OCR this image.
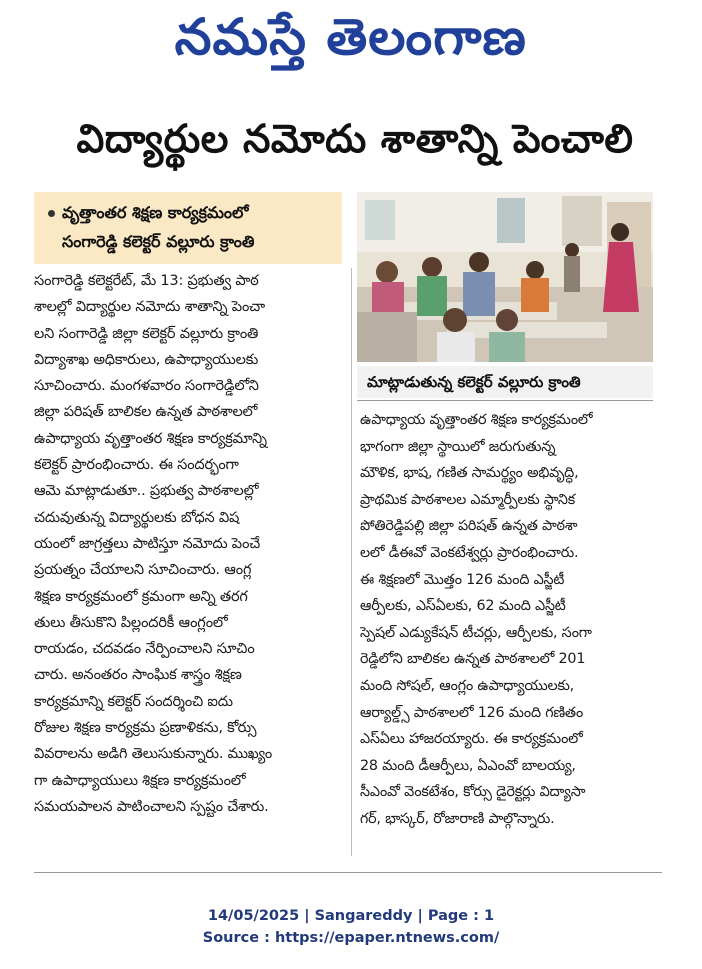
నమస్తే తెలంగాణ
విద్యార్థుల నమోదు శాతాన్ని పెంచాలి
వృత్తాంతర శిక్షణ కార్యక్రమంలో
సంగారెడ్డి కలెక్టర్ వల్లూరు క్రాంతి
సంగారెడ్డి కలెక్టరేట్, మే 13: ప్రభుత్వ పాఠ
శాలల్లో విద్యార్థుల నమోదు శాతాన్ని పెంచా
లని సంగారెడ్డి జిల్లా కలెక్టర్ వల్లూరు క్రాంతి
విద్యాశాఖ అధికారులు, ఉపాధ్యాయులకు
సూచించారు. మంగళవారం సంగారెడ్డిలోని
జిల్లా పరిషత్ బాలికల ఉన్నత పాఠశాలలో
ఉపాధ్యాయ వృత్తాంతర శిక్షణ కార్యక్రమాన్ని
కలెక్టర్ ప్రారంభించారు. ఈ సందర్భంగా
ఆమె మాట్లాడుతూ.. ప్రభుత్వ పాఠశాలల్లో
చదువుతున్న విద్యార్థులకు బోధన విష
యంలో జాగ్రత్తలు పాటిస్తూ నమోదు పెంచే
ప్రయత్నం చేయాలని సూచించారు. ఆంగ్ల
శిక్షణ కార్యక్రమంలో క్రమంగా అన్ని తరగ
తులు తీసుకొని పిల్లందరికీ ఆంగ్లంలో
రాయడం, చదవడం నేర్పించాలని సూచిం
చారు. అనంతరం సాంఘిక శాస్త్రం శిక్షణ
కార్యక్రమాన్ని కలెక్టర్ సందర్శించి ఐదు
రోజుల శిక్షణ కార్యక్రమ ప్రణాళికను, కోర్సు
వివరాలను అడిగి తెలుసుకున్నారు. ముఖ్యం
గా ఉపాధ్యాయులు శిక్షణ కార్యక్రమంలో
సమయపాలన పాటించాలని స్పష్టం చేశారు.
మాట్లాడుతున్న కలెక్టర్ వల్లూరు క్రాంతి
ఉపాధ్యాయ వృత్తాంతర శిక్షణ కార్యక్రమంలో
భాగంగా జిల్లా స్థాయిలో జరుగుతున్న
మౌళిక, భాష, గణిత సామర్థ్యం అభివృద్ధి,
ప్రాథమిక పాఠశాలల ఎమ్మార్పీలకు స్థానిక
పోతిరెడ్డిపల్లి జిల్లా పరిషత్ ఉన్నత పాఠశా
లలో డీఈవో వెంకటేశ్వర్లు ప్రారంభించారు.
ఈ శిక్షణలో మొత్తం 126 మంది ఎస్జీటీ
ఆర్పీలకు, ఎస్ఏలకు, 62 మంది ఎస్జీటీ
స్పెషల్ ఎడ్యుకేషన్ టీచర్లు, ఆర్పీలకు, సంగా
రెడ్డిలోని బాలికల ఉన్నత పాఠశాలలో 201
మంది సోషల్, ఆంగ్లం ఉపాధ్యాయులకు,
ఆర్యాల్డ్స్ పాఠశాలలో 126 మంది గణితం
ఎస్ఏలు హాజరయ్యారు. ఈ కార్యక్రమంలో
28 మంది డీఆర్పీలు, ఏఎంవో బాలయ్య,
సీఎంవో వెంకటేశం, కోర్సు డైరెక్టర్లు విద్యాసా
గర్, భాస్కర్, రోజారాణి పాల్గొన్నారు.
14/05/2025 | Sangareddy | Page : 1
Source : https://epaper.ntnews.com/
